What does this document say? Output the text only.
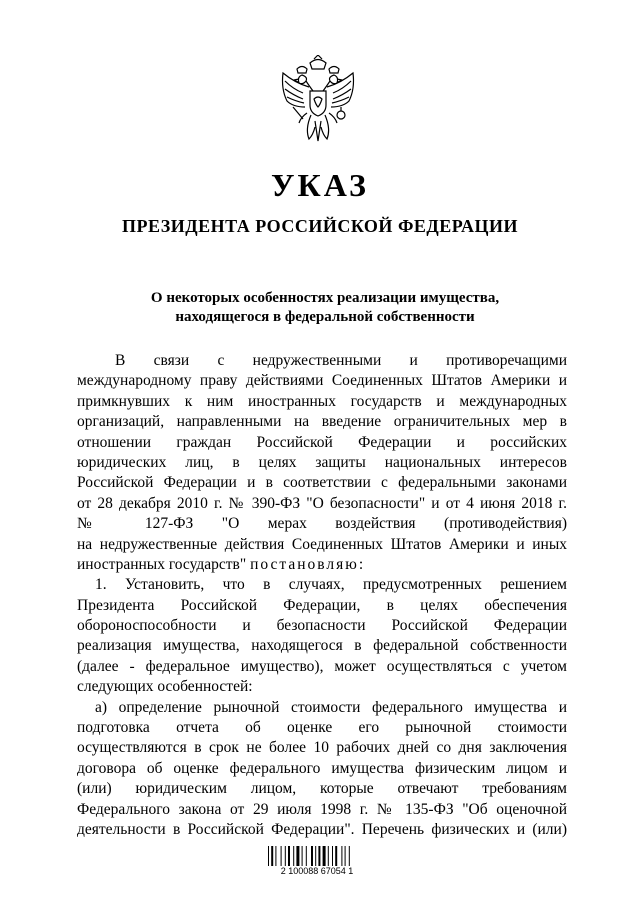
УКАЗ
ПРЕЗИДЕНТА РОССИЙСКОЙ ФЕДЕРАЦИИ
О некоторых особенностях реализации имущества,
находящегося в федеральной собственности
В связи с недружественными и противоречащими
международному праву действиями Соединенных Штатов Америки и
примкнувших к ним иностранных государств и международных
организаций, направленными на введение ограничительных мер в
отношении граждан Российской Федерации и российских
юридических лиц, в целях защиты национальных интересов
Российской Федерации и в соответствии с федеральными законами
от 28 декабря 2010 г. № 390-ФЗ "О безопасности" и от 4 июня 2018 г.
№ 127-ФЗ "О мерах воздействия (противодействия)
на недружественные действия Соединенных Штатов Америки и иных
иностранных государств" постановляю:
1. Установить, что в случаях, предусмотренных решением
Президента Российской Федерации, в целях обеспечения
обороноспособности и безопасности Российской Федерации
реализация имущества, находящегося в федеральной собственности
(далее - федеральное имущество), может осуществляться с учетом
следующих особенностей:
а) определение рыночной стоимости федерального имущества и
подготовка отчета об оценке его рыночной стоимости
осуществляются в срок не более 10 рабочих дней со дня заключения
договора об оценке федерального имущества физическим лицом и
(или) юридическим лицом, которые отвечают требованиям
Федерального закона от 29 июля 1998 г. № 135-ФЗ "Об оценочной
деятельности в Российской Федерации". Перечень физических и (или)
2 100088 67054 1
